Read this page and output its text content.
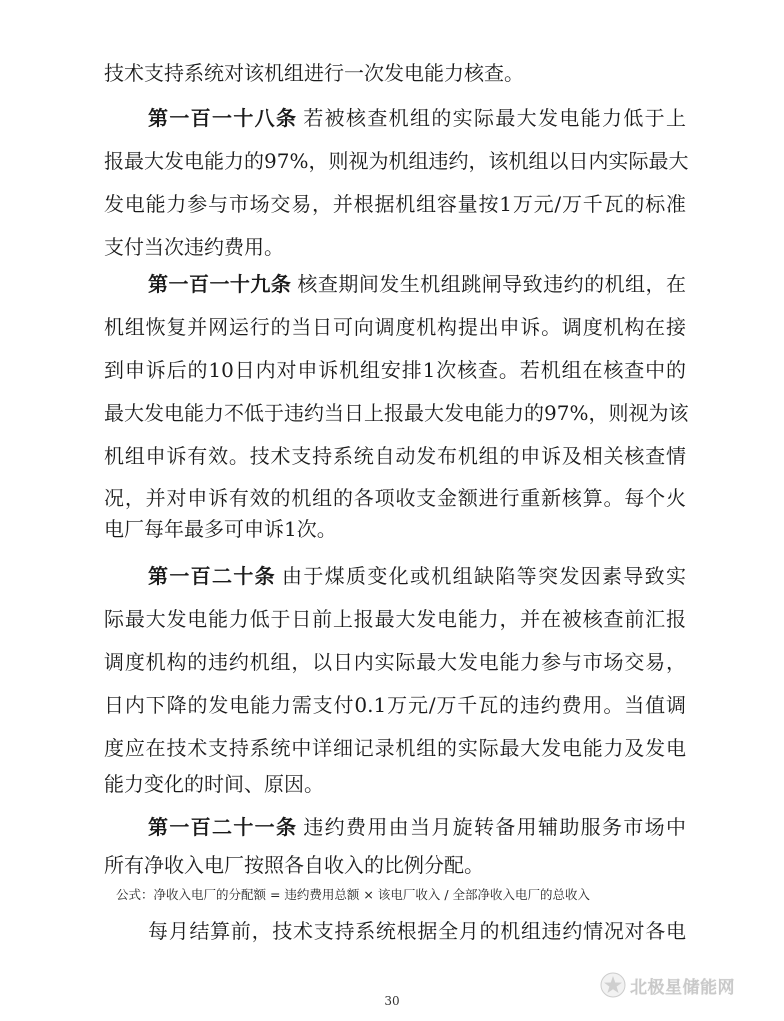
技术支持系统对该机组进行一次发电能力核查。
第一百一十八条 若被核查机组的实际最大发电能力低于上
报最大发电能力的97%，则视为机组违约，该机组以日内实际最大
发电能力参与市场交易，并根据机组容量按1万元/万千瓦的标准
支付当次违约费用。
第一百一十九条 核查期间发生机组跳闸导致违约的机组，在
机组恢复并网运行的当日可向调度机构提出申诉。调度机构在接
到申诉后的10日内对申诉机组安排1次核查。若机组在核查中的
最大发电能力不低于违约当日上报最大发电能力的97%，则视为该
机组申诉有效。技术支持系统自动发布机组的申诉及相关核查情
况，并对申诉有效的机组的各项收支金额进行重新核算。每个火
电厂每年最多可申诉1次。
第一百二十条 由于煤质变化或机组缺陷等突发因素导致实
际最大发电能力低于日前上报最大发电能力，并在被核查前汇报
调度机构的违约机组，以日内实际最大发电能力参与市场交易，
日内下降的发电能力需支付0.1万元/万千瓦的违约费用。当值调
度应在技术支持系统中详细记录机组的实际最大发电能力及发电
能力变化的时间、原因。
第一百二十一条 违约费用由当月旋转备用辅助服务市场中
所有净收入电厂按照各自收入的比例分配。
公式：净收入电厂的分配额 = 违约费用总额 × 该电厂收入 / 全部净收入电厂的总收入
每月结算前，技术支持系统根据全月的机组违约情况对各电
30
北极星储能网
